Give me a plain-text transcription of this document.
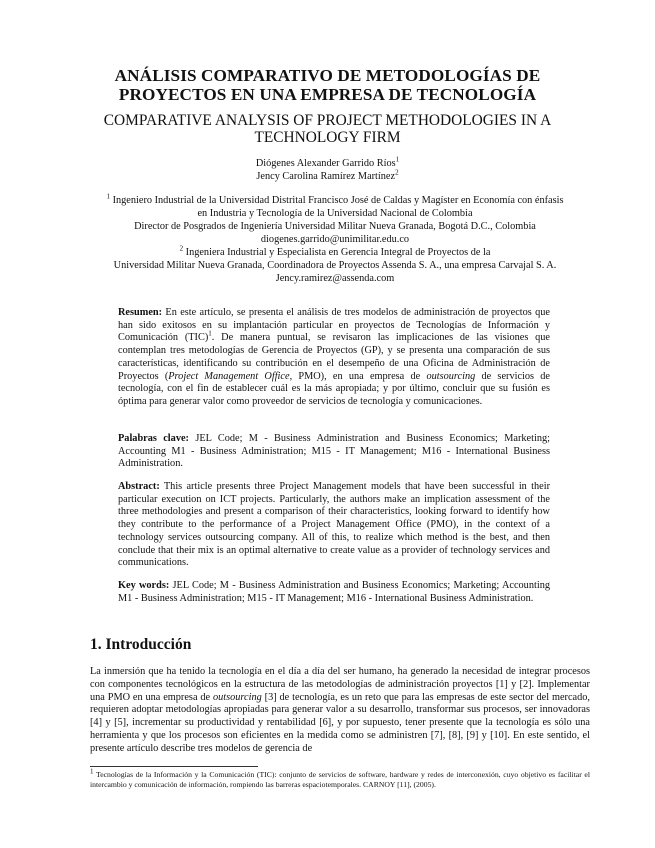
ANÁLISIS COMPARATIVO DE METODOLOGÍAS DE
PROYECTOS EN UNA EMPRESA DE TECNOLOGÍA
COMPARATIVE ANALYSIS OF PROJECT METHODOLOGIES IN A
TECHNOLOGY FIRM
Diógenes Alexander Garrido Ríos$^1$
Jency Carolina Ramírez Martínez$^2$
$^1$ Ingeniero Industrial de la Universidad Distrital Francisco José de Caldas y Magíster en Economía con énfasis
en Industria y Tecnología de la Universidad Nacional de Colombia
Director de Posgrados de Ingeniería Universidad Militar Nueva Granada, Bogotá D.C., Colombia
diogenes.garrido@unimilitar.edu.co
$^2$ Ingeniera Industrial y Especialista en Gerencia Integral de Proyectos de la
Universidad Militar Nueva Granada, Coordinadora de Proyectos Assenda S. A., una empresa Carvajal S. A.
Jency.ramirez@assenda.com
Resumen: En este artículo, se presenta el análisis de tres modelos de administración de proyectos que han sido exitosos en su implantación particular en proyectos de Tecnologías de Información y Comunicación (TIC)$^1$. De manera puntual, se revisaron las implicaciones de las visiones que contemplan tres metodologías de Gerencia de Proyectos (GP), y se presenta una comparación de sus características, identificando su contribución en el desempeño de una Oficina de Administración de Proyectos (Project Management Office, PMO), en una empresa de outsourcing de servicios de tecnología, con el fin de establecer cuál es la más apropiada; y por último, concluir que su fusión es óptima para generar valor como proveedor de servicios de tecnología y comunicaciones.
Palabras clave: JEL Code; M - Business Administration and Business Economics; Marketing; Accounting M1 - Business Administration; M15 - IT Management; M16 - International Business Administration.
Abstract: This article presents three Project Management models that have been successful in their particular execution on ICT projects. Particularly, the authors make an implication assessment of the three methodologies and present a comparison of their characteristics, looking forward to identify how they contribute to the performance of a Project Management Office (PMO), in the context of a technology services outsourcing company. All of this, to realize which method is the best, and then conclude that their mix is an optimal alternative to create value as a provider of technology services and communications.
Key words: JEL Code; M - Business Administration and Business Economics; Marketing; Accounting M1 - Business Administration; M15 - IT Management; M16 - International Business Administration.
1. Introducción
La inmersión que ha tenido la tecnología en el día a día del ser humano, ha generado la necesidad de integrar procesos con componentes tecnológicos en la estructura de las metodologías de administración proyectos [1] y [2]. Implementar una PMO en una empresa de outsourcing [3] de tecnología, es un reto que para las empresas de este sector del mercado, requieren adoptar metodologías apropiadas para generar valor a su desarrollo, transformar sus procesos, ser innovadoras [4] y [5], incrementar su productividad y rentabilidad [6], y por supuesto, tener presente que la tecnología es sólo una herramienta y que los procesos son eficientes en la medida como se administren [7], [8], [9] y [10]. En este sentido, el presente artículo describe tres modelos de gerencia de
$^1$ Tecnologías de la Información y la Comunicación (TIC): conjunto de servicios de software, hardware y redes de interconexión, cuyo objetivo es facilitar el intercambio y comunicación de información, rompiendo las barreras espaciotemporales. CARNOY [11], (2005).
